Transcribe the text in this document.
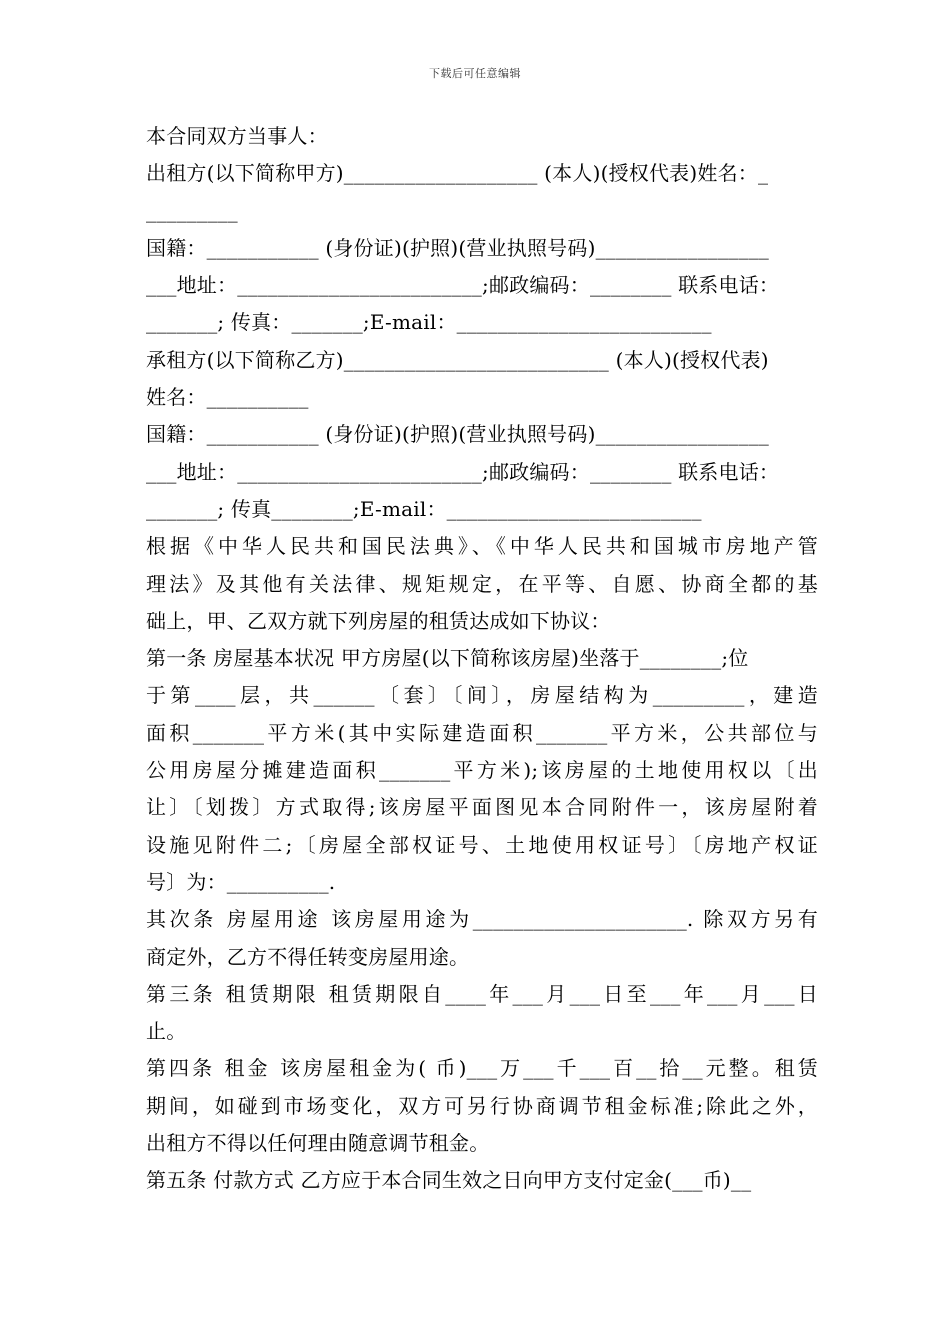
下载后可任意编辑
本合同双方当事人：
出租方(以下简称甲方)___________________ (本人)(授权代表)姓名：_
_________
国籍：___________ (身份证)(护照)(营业执照号码)_________________
___地址：________________________;邮政编码：________ 联系电话：
_______; 传真：_______;E-mail：_________________________
承租方(以下简称乙方)__________________________ (本人)(授权代表)
姓名：__________
国籍：___________ (身份证)(护照)(营业执照号码)_________________
___地址：________________________;邮政编码：________ 联系电话：
_______; 传真________;E-mail：_________________________
根据《中华人民共和国民法典》、《中华人民共和国城市房地产管
理法》及其他有关法律、规矩规定，在平等、自愿、协商全都的基
础上，甲、乙双方就下列房屋的租赁达成如下协议：
第一条 房屋基本状况 甲方房屋(以下简称该房屋)坐落于________;位
于第____层，共______〔套〕〔间〕，房屋结构为_________，建造
面积_______平方米(其中实际建造面积_______平方米，公共部位与
公用房屋分摊建造面积_______平方米);该房屋的土地使用权以〔出
让〕〔划拨〕方式取得;该房屋平面图见本合同附件一，该房屋附着
设施见附件二;〔房屋全部权证号、土地使用权证号〕〔房地产权证
号〕为：__________.
其次条 房屋用途 该房屋用途为_____________________. 除双方另有
商定外，乙方不得任转变房屋用途。
第三条 租赁期限 租赁期限自____年___月___日至___年___月___日
止。
第四条 租金 该房屋租金为( 币)___万___千___百__拾__元整。租赁
期间，如碰到市场变化，双方可另行协商调节租金标准;除此之外，
出租方不得以任何理由随意调节租金。
第五条 付款方式 乙方应于本合同生效之日向甲方支付定金(___币)__
